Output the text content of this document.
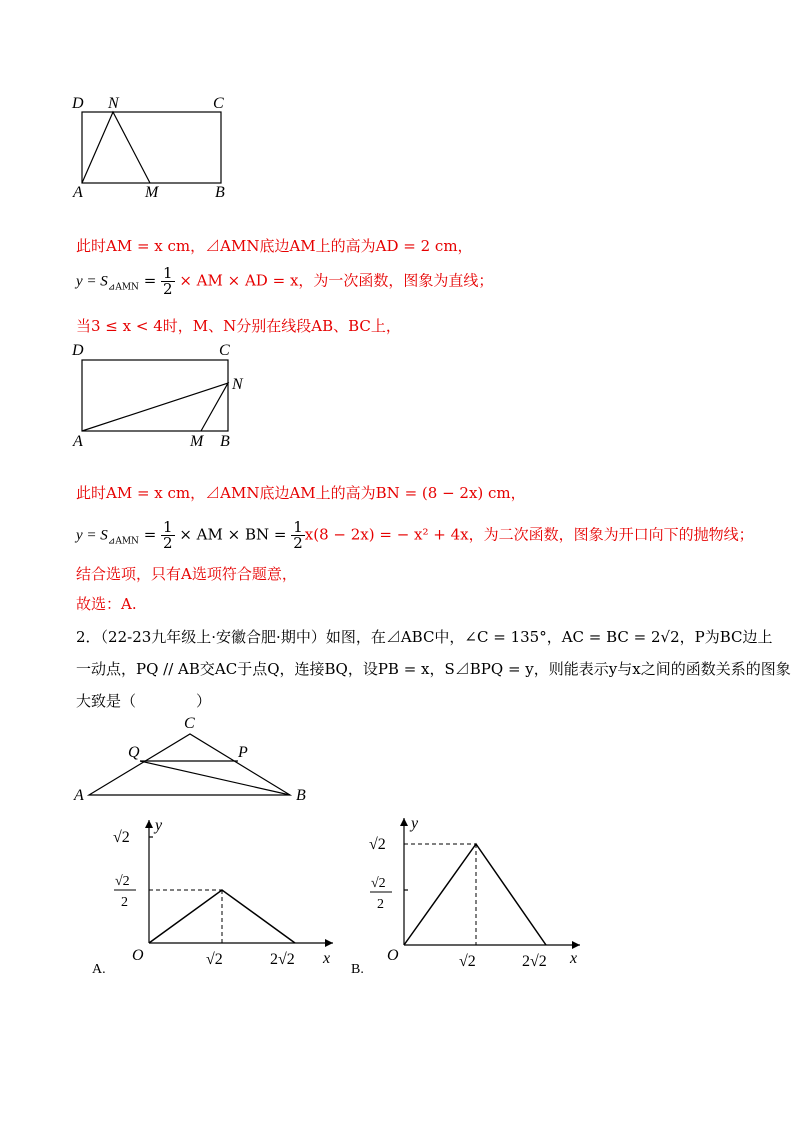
D N	C
A	M	B
此时AM = x cm，⊿AMN底边AM上的高为AD = 2 cm，
$y = S_{⊿AMN} = \frac{1}{2}$ × AM × AD = x，为一次函数，图象为直线；
当3 ≤ x < 4时，M、N分别在线段AB、BC上，
D	C
N
A	M B
此时AM = x cm，⊿AMN底边AM上的高为BN = (8 − 2x) cm，
$y = S_{⊿AMN} = \frac{1}{2}$ × AM × BN = $\frac{1}{2} x(8 - 2x)$ = − x² + 4x，为二次函数，图象为开口向下的抛物线；
结合选项，只有A选项符合题意，
故选：A.
2．（22-23九年级上·安徽合肥·期中）如图，在⊿ABC中，∠C = 135°，AC = BC = 2√2，P为BC边上
一动点，PQ // AB交AC于点Q，连接BQ，设PB = x，S⊿BPQ = y，则能表示y与x之间的函数关系的图象
大致是（　　　　）
C
Q	P
A	B
y
x
O
√2
√2
2
√2	2√2
A.
y
x
O
√2
√2
2
√2	2√2
B.
